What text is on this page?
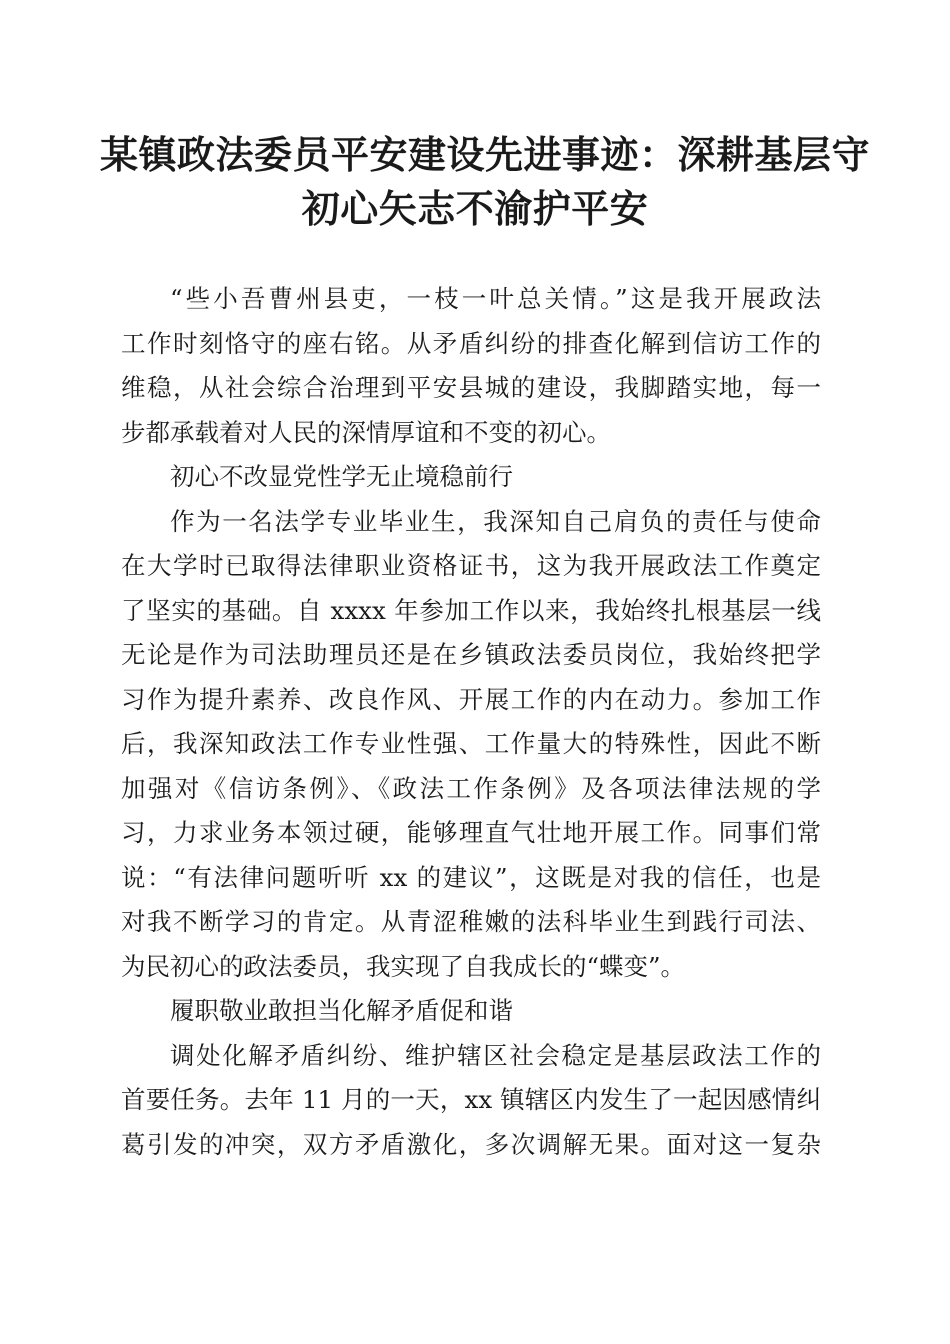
某镇政法委员平安建设先进事迹：深耕基层守
初心矢志不渝护平安
“些小吾曹州县吏，一枝一叶总关情。”这是我开展政法
工作时刻恪守的座右铭。从矛盾纠纷的排查化解到信访工作的
维稳，从社会综合治理到平安县城的建设，我脚踏实地，每一
步都承载着对人民的深情厚谊和不变的初心。
初心不改显党性学无止境稳前行
作为一名法学专业毕业生，我深知自己肩负的责任与使命
在大学时已取得法律职业资格证书，这为我开展政法工作奠定
了坚实的基础。自 xxxx 年参加工作以来，我始终扎根基层一线
无论是作为司法助理员还是在乡镇政法委员岗位，我始终把学
习作为提升素养、改良作风、开展工作的内在动力。参加工作
后，我深知政法工作专业性强、工作量大的特殊性，因此不断
加强对《信访条例》、《政法工作条例》及各项法律法规的学
习，力求业务本领过硬，能够理直气壮地开展工作。同事们常
说：“有法律问题听听 xx 的建议”，这既是对我的信任，也是
对我不断学习的肯定。从青涩稚嫩的法科毕业生到践行司法、
为民初心的政法委员，我实现了自我成长的“蝶变”。
履职敬业敢担当化解矛盾促和谐
调处化解矛盾纠纷、维护辖区社会稳定是基层政法工作的
首要任务。去年 11 月的一天，xx 镇辖区内发生了一起因感情纠
葛引发的冲突，双方矛盾激化，多次调解无果。面对这一复杂
